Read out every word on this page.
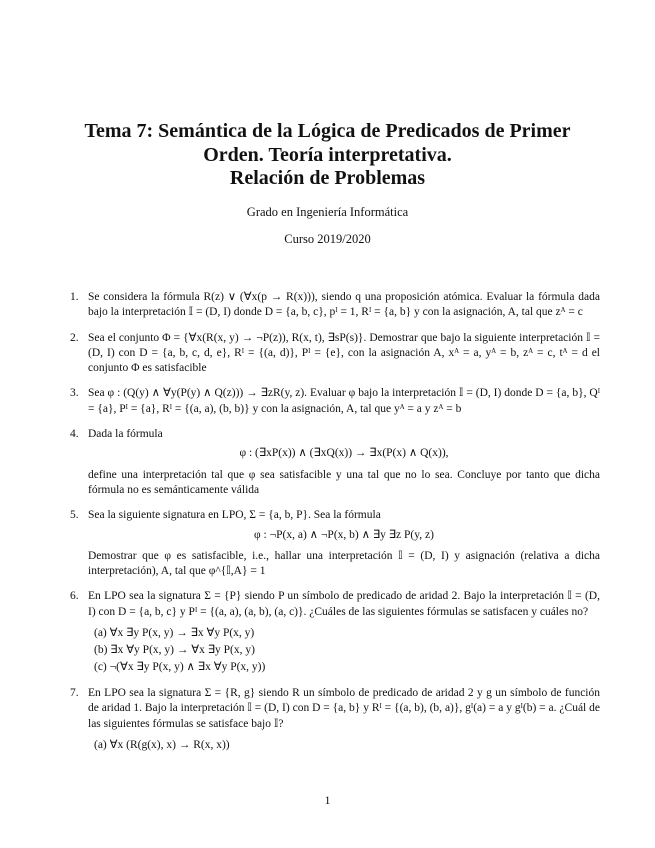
Tema 7: Semántica de la Lógica de Predicados de Primer
Orden. Teoría interpretativa.
Relación de Problemas
Grado en Ingeniería Informática
Curso 2019/2020
1. Se considera la fórmula R(z) ∨ (∀x(p → R(x))), siendo q una proposición atómica. Evaluar la fórmula dada bajo la interpretación 𝕀 = (D, I) donde D = {a, b, c}, pᴵ = 1, Rᴵ = {a, b} y con la asignación, A, tal que zᴬ = c
2. Sea el conjunto Φ = {∀x(R(x, y) → ¬P(z)), R(x, t), ∃sP(s)}. Demostrar que bajo la siguiente interpretación 𝕀 = (D, I) con D = {a, b, c, d, e}, Rᴵ = {(a, d)}, Pᴵ = {e}, con la asignación A, xᴬ = a, yᴬ = b, zᴬ = c, tᴬ = d el conjunto Φ es satisfacible
3. Sea φ : (Q(y) ∧ ∀y(P(y) ∧ Q(z))) → ∃zR(y, z). Evaluar φ bajo la interpretación 𝕀 = (D, I) donde D = {a, b}, Qᴵ = {a}, Pᴵ = {a}, Rᴵ = {(a, a), (b, b)} y con la asignación, A, tal que yᴬ = a y zᴬ = b
4. Dada la fórmula
φ : (∃xP(x)) ∧ (∃xQ(x)) → ∃x(P(x) ∧ Q(x)),
define una interpretación tal que φ sea satisfacible y una tal que no lo sea. Concluye por tanto que dicha fórmula no es semánticamente válida
5. Sea la siguiente signatura en LPO, Σ = {a, b, P}. Sea la fórmula
φ : ¬P(x, a) ∧ ¬P(x, b) ∧ ∃y ∃z P(y, z)
Demostrar que φ es satisfacible, i.e., hallar una interpretación 𝕀 = (D, I) y asignación (relativa a dicha interpretación), A, tal que φ^{𝕀,A} = 1
6. En LPO sea la signatura Σ = {P} siendo P un símbolo de predicado de aridad 2. Bajo la interpretación 𝕀 = (D, I) con D = {a, b, c} y Pᴵ = {(a, a), (a, b), (a, c)}. ¿Cuáles de las siguientes fórmulas se satisfacen y cuáles no?
(a) ∀x ∃y P(x, y) → ∃x ∀y P(x, y)
(b) ∃x ∀y P(x, y) → ∀x ∃y P(x, y)
(c) ¬(∀x ∃y P(x, y) ∧ ∃x ∀y P(x, y))
7. En LPO sea la signatura Σ = {R, g} siendo R un símbolo de predicado de aridad 2 y g un símbolo de función de aridad 1. Bajo la interpretación 𝕀 = (D, I) con D = {a, b} y Rᴵ = {(a, b), (b, a)}, gᴵ(a) = a y gᴵ(b) = a. ¿Cuál de las siguientes fórmulas se satisface bajo 𝕀?
(a) ∀x (R(g(x), x) → R(x, x))
1
